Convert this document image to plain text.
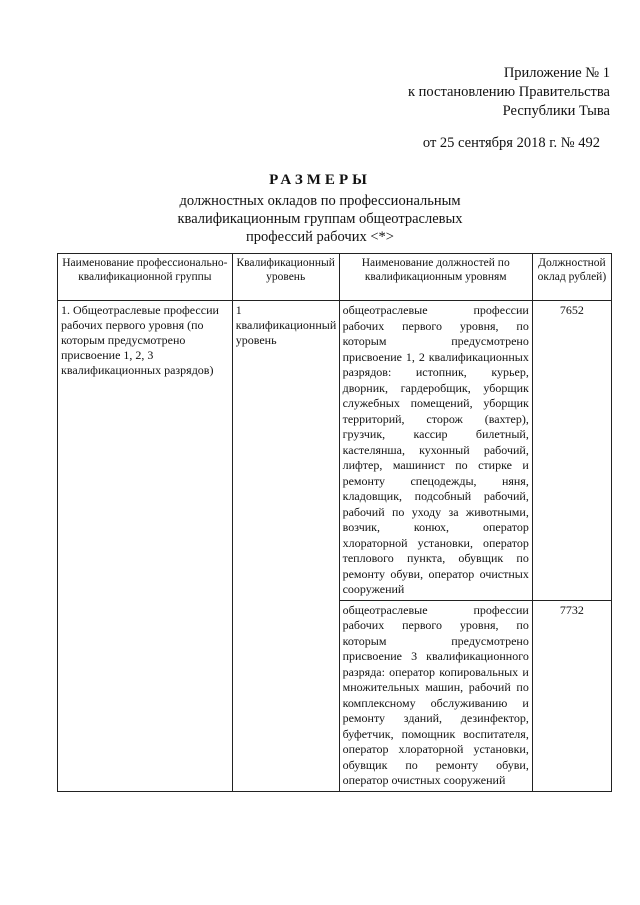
Приложение № 1
к постановлению Правительства
Республики Тыва
от 25 сентября 2018 г. № 492
РАЗМЕРЫ
должностных окладов по профессиональным
квалификационным группам общеотраслевых
профессий рабочих <*>
Наименование профессионально-квалификационной группы	Квалификационный уровень	Наименование должностей по квалификационным уровням	Должностной оклад рублей)
1. Общеотраслевые профессии рабочих первого уровня (по которым предусмотрено присвоение 1, 2, 3 квалификационных разрядов)	1 квалификационный уровень	общеотраслевые профессии рабочих первого уровня, по которым предусмотрено присвоение 1, 2 квалификационных разрядов: истопник, курьер, дворник, гардеробщик, уборщик служебных помещений, уборщик территорий, сторож (вахтер), грузчик, кассир билетный, кастелянша, кухонный рабочий, лифтер, машинист по стирке и ремонту спецодежды, няня, кладовщик, подсобный рабочий, рабочий по уходу за животными, возчик, конюх, оператор хлораторной установки, оператор теплового пункта, обувщик по ремонту обуви, оператор очистных сооружений	7652
		общеотраслевые профессии рабочих первого уровня, по которым предусмотрено присвоение 3 квалификационного разряда: оператор копировальных и множительных машин, рабочий по комплексному обслуживанию и ремонту зданий, дезинфектор, буфетчик, помощник воспитателя, оператор хлораторной установки, обувщик по ремонту обуви, оператор очистных сооружений	7732
